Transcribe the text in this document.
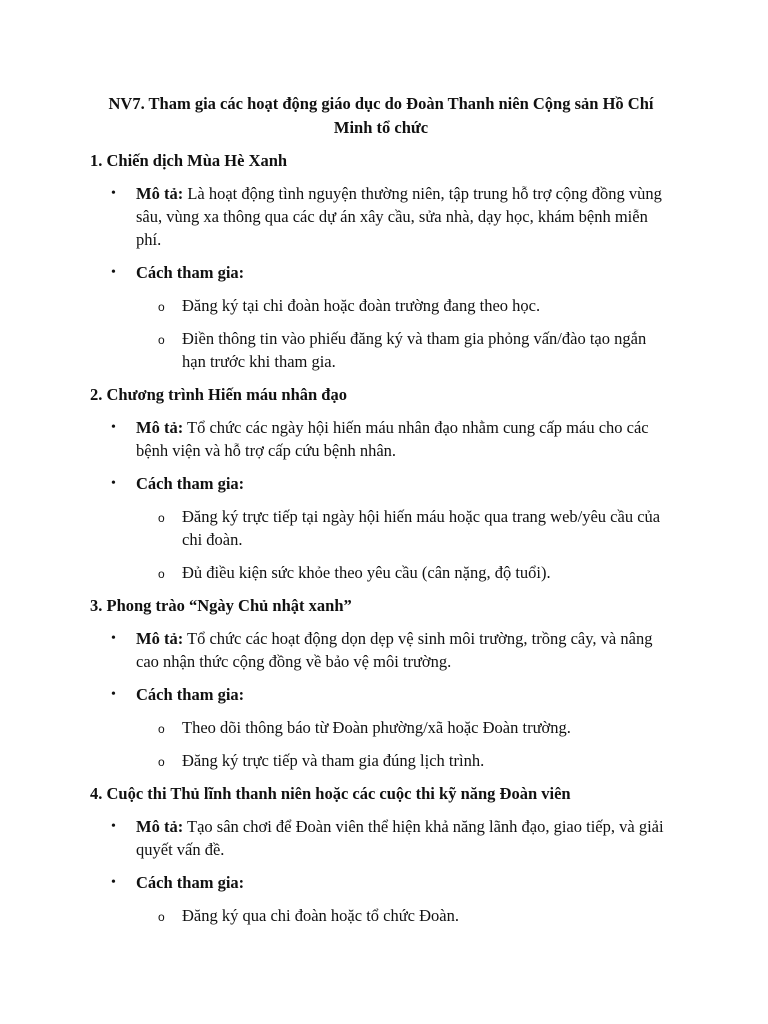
NV7. Tham gia các hoạt động giáo dục do Đoàn Thanh niên Cộng sản Hồ Chí Minh tổ chức
1. Chiến dịch Mùa Hè Xanh
• Mô tả: Là hoạt động tình nguyện thường niên, tập trung hỗ trợ cộng đồng vùng sâu, vùng xa thông qua các dự án xây cầu, sửa nhà, dạy học, khám bệnh miễn phí.
• Cách tham gia:
o Đăng ký tại chi đoàn hoặc đoàn trường đang theo học.
o Điền thông tin vào phiếu đăng ký và tham gia phỏng vấn/đào tạo ngắn hạn trước khi tham gia.
2. Chương trình Hiến máu nhân đạo
• Mô tả: Tổ chức các ngày hội hiến máu nhân đạo nhằm cung cấp máu cho các bệnh viện và hỗ trợ cấp cứu bệnh nhân.
• Cách tham gia:
o Đăng ký trực tiếp tại ngày hội hiến máu hoặc qua trang web/yêu cầu của chi đoàn.
o Đủ điều kiện sức khỏe theo yêu cầu (cân nặng, độ tuổi).
3. Phong trào “Ngày Chủ nhật xanh”
• Mô tả: Tổ chức các hoạt động dọn dẹp vệ sinh môi trường, trồng cây, và nâng cao nhận thức cộng đồng về bảo vệ môi trường.
• Cách tham gia:
o Theo dõi thông báo từ Đoàn phường/xã hoặc Đoàn trường.
o Đăng ký trực tiếp và tham gia đúng lịch trình.
4. Cuộc thi Thủ lĩnh thanh niên hoặc các cuộc thi kỹ năng Đoàn viên
• Mô tả: Tạo sân chơi để Đoàn viên thể hiện khả năng lãnh đạo, giao tiếp, và giải quyết vấn đề.
• Cách tham gia:
o Đăng ký qua chi đoàn hoặc tổ chức Đoàn.
